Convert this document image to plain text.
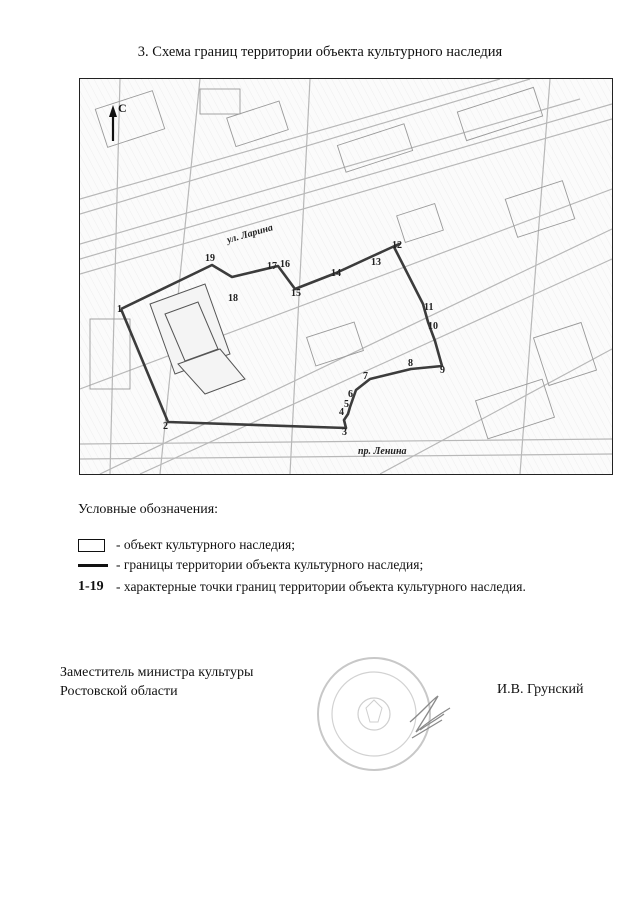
3. Схема границ территории объекта культурного наследия
С
ул. Ларина
пр. Ленина
1
2
3
4
5
6
7
8
9
10
11
12
13
14
15
16
17
18
19
Условные обозначения:
- объект культурного наследия;
- границы территории объекта культурного наследия;
1-19 - характерные точки границ территории объекта культурного наследия.
Заместитель министра культуры
Ростовской области	И.В. Грунский
